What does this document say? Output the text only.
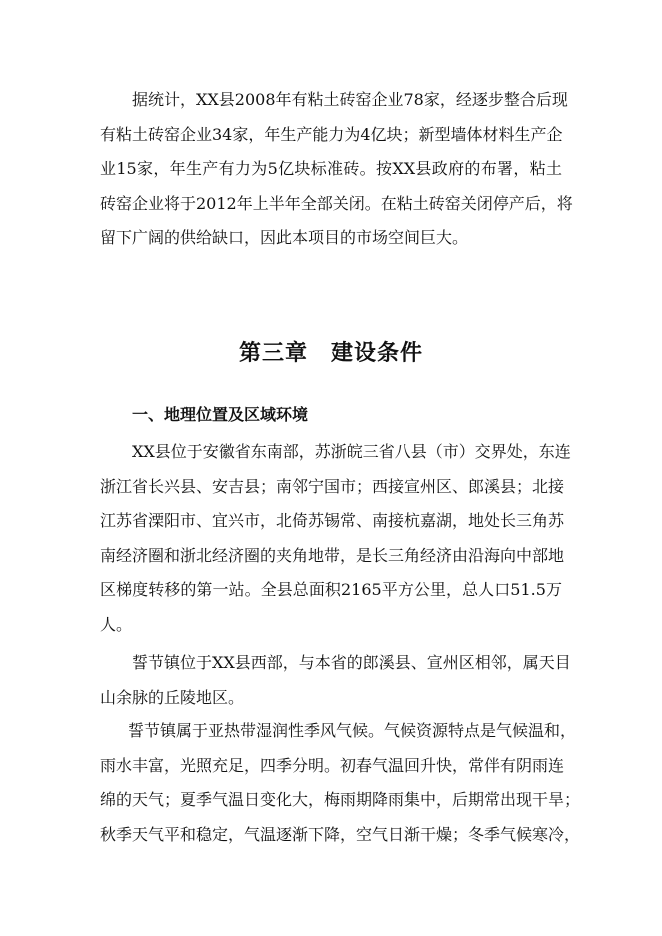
据统计，XX县2008年有粘土砖窑企业78家，经逐步整合后现
有粘土砖窑企业34家，年生产能力为4亿块；新型墙体材料生产企
业15家，年生产有力为5亿块标准砖。按XX县政府的布署，粘土
砖窑企业将于2012年上半年全部关闭。在粘土砖窑关闭停产后，将
留下广阔的供给缺口，因此本项目的市场空间巨大。

第三章　建设条件
一、地理位置及区域环境

XX县位于安徽省东南部，苏浙皖三省八县（市）交界处，东连
浙江省长兴县、安吉县；南邻宁国市；西接宣州区、郎溪县；北接
江苏省溧阳市、宜兴市，北倚苏锡常、南接杭嘉湖，地处长三角苏
南经济圈和浙北经济圈的夹角地带，是长三角经济由沿海向中部地
区梯度转移的第一站。全县总面积2165平方公里，总人口51.5万
人。

誓节镇位于XX县西部，与本省的郎溪县、宣州区相邻，属天目
山余脉的丘陵地区。

誓节镇属于亚热带湿润性季风气候。气候资源特点是气候温和，
雨水丰富，光照充足，四季分明。初春气温回升快，常伴有阴雨连
绵的天气；夏季气温日变化大，梅雨期降雨集中，后期常出现干旱；
秋季天气平和稳定，气温逐渐下降，空气日渐干燥；冬季气候寒冷，
